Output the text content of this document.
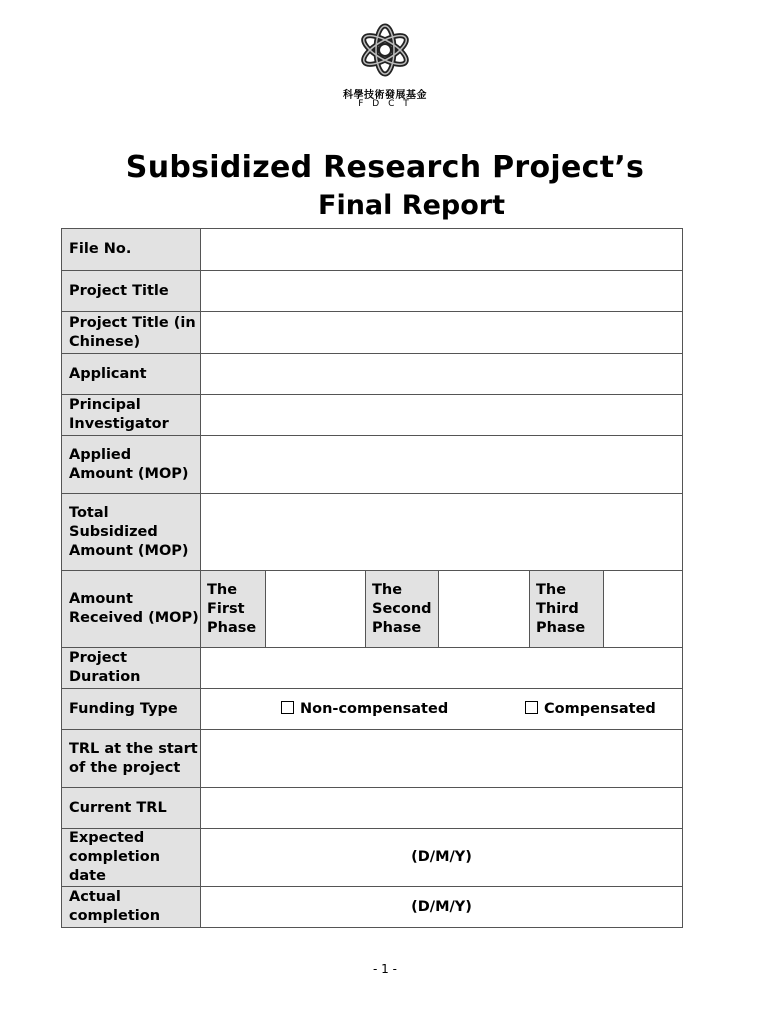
科學技術發展基金
F D C T
Subsidized Research Project’s
Final Report
File No.						
Project Title						
Project Title (in Chinese)						
Applicant						
Principal Investigator						
Applied Amount (MOP)						
Total Subsidized Amount (MOP)						
Amount Received (MOP)	The First Phase		The Second Phase		The Third Phase	
Project Duration						
Funding Type	Non-compensated Compensated					

TRL at the start of the project						
Current TRL						
Expected completion date	(D/M/Y)					
Actual completion	(D/M/Y)					
- 1 -
